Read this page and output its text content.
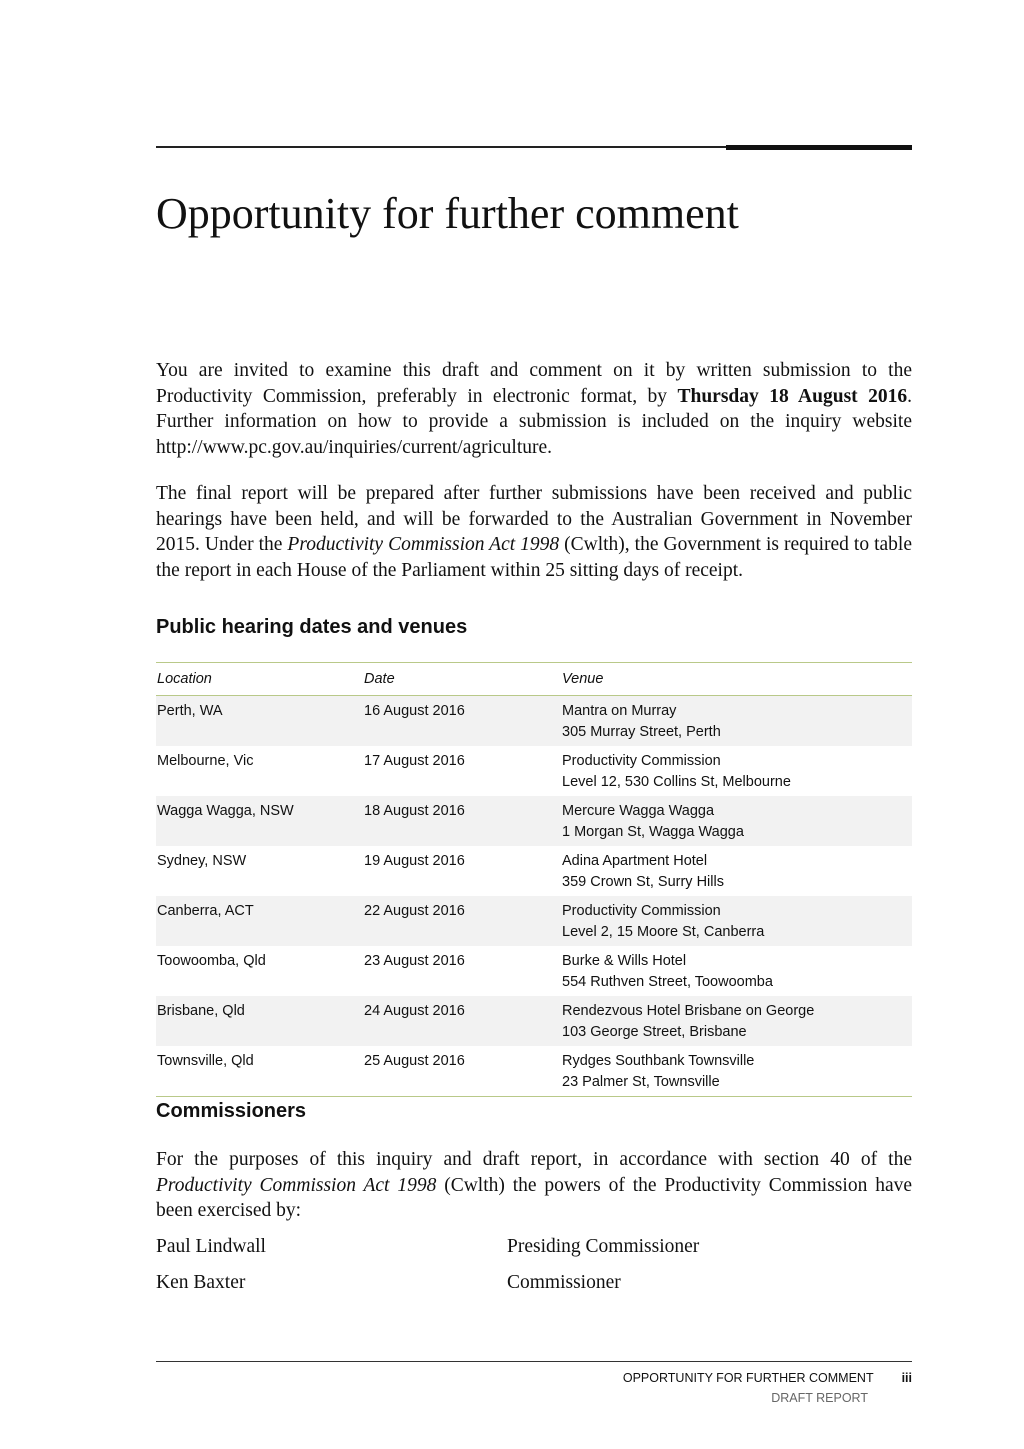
Opportunity for further comment

You are invited to examine this draft and comment on it by written submission to the Productivity Commission, preferably in electronic format, by Thursday 18 August 2016. Further information on how to provide a submission is included on the inquiry website http://www.pc.gov.au/inquiries/current/agriculture.

The final report will be prepared after further submissions have been received and public hearings have been held, and will be forwarded to the Australian Government in November 2015. Under the Productivity Commission Act 1998 (Cwlth), the Government is required to table the report in each House of the Parliament within 25 sitting days of receipt.

Public hearing dates and venues
Location	Date	Venue
Perth, WA	16 August 2016	Mantra on Murray
305 Murray Street, Perth

Melbourne, Vic	17 August 2016	Productivity Commission
Level 12, 530 Collins St, Melbourne

Wagga Wagga, NSW	18 August 2016	Mercure Wagga Wagga
1 Morgan St, Wagga Wagga

Sydney, NSW	19 August 2016	Adina Apartment Hotel
359 Crown St, Surry Hills

Canberra, ACT	22 August 2016	Productivity Commission
Level 2, 15 Moore St, Canberra

Toowoomba, Qld	23 August 2016	Burke & Wills Hotel
554 Ruthven Street, Toowoomba

Brisbane, Qld	24 August 2016	Rendezvous Hotel Brisbane on George
103 George Street, Brisbane

Townsville, Qld	25 August 2016	Rydges Southbank Townsville
23 Palmer St, Townsville
Commissioners

For the purposes of this inquiry and draft report, in accordance with section 40 of the Productivity Commission Act 1998 (Cwlth) the powers of the Productivity Commission have been exercised by:

Paul Lindwall	Presiding Commissioner
Ken Baxter	Commissioner
OPPORTUNITY FOR FURTHER COMMENT iii
DRAFT REPORT
